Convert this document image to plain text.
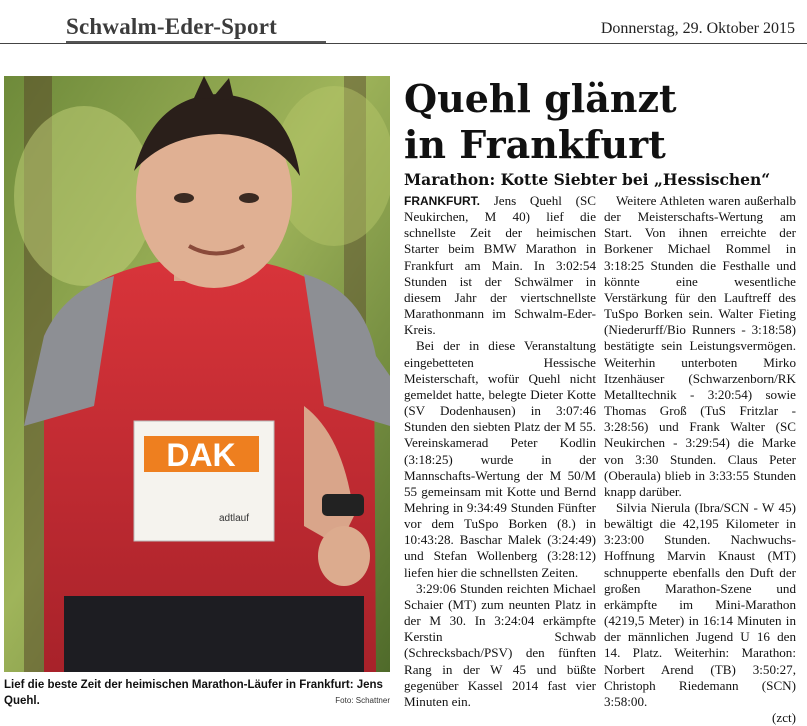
Schwalm-Eder-Sport	Donnerstag, 29. Oktober 2015
DAK
adtlauf
Lief die beste Zeit der heimischen Marathon-Läufer in Frankfurt: Jens Quehl.	Foto: Schattner
Quehl glänzt
in Frankfurt
Marathon: Kotte Siebter bei „Hessischen“

FRANKFURT. Jens Quehl (SC Neukirchen, M 40) lief die schnellste Zeit der heimischen Starter beim BMW Marathon in Frankfurt am Main. In 3:02:54 Stunden ist der Schwälmer in diesem Jahr der viertschnellste Marathonmann im Schwalm-Eder-Kreis.

Bei der in diese Veranstaltung eingebetteten Hessische Meisterschaft, wofür Quehl nicht gemeldet hatte, belegte Dieter Kotte (SV Dodenhausen) in 3:07:46 Stunden den siebten Platz der M 55. Vereinskamerad Peter Kodlin (3:18:25) wurde in der Mannschafts-Wertung der M 50/M 55 gemeinsam mit Kotte und Bernd Mehring in 9:34:49 Stunden Fünfter vor dem TuSpo Borken (8.) in 10:43:28. Baschar Malek (3:24:49) und Stefan Wollenberg (3:28:12) liefen hier die schnellsten Zeiten.

3:29:06 Stunden reichten Michael Schaier (MT) zum neunten Platz in der M 30. In 3:24:04 erkämpfte Kerstin Schwab (Schrecksbach/PSV) den fünften Rang in der W 45 und büßte gegenüber Kassel 2014 fast vier Minuten ein.

Weitere Athleten waren außerhalb der Meisterschafts-Wertung am Start. Von ihnen erreichte der Borkener Michael Rommel in 3:18:25 Stunden die Festhalle und könnte eine wesentliche Verstärkung für den Lauftreff des TuSpo Borken sein. Walter Fieting (Niederurff/Bio Runners - 3:18:58) bestätigte sein Leistungsvermögen. Weiterhin unterboten Mirko Itzenhäuser (Schwarzenborn/RK Metalltechnik - 3:20:54) sowie Thomas Groß (TuS Fritzlar - 3:28:56) und Frank Walter (SC Neukirchen - 3:29:54) die Marke von 3:30 Stunden. Claus Peter (Oberaula) blieb in 3:33:55 Stunden knapp darüber.

Silvia Nierula (Ibra/SCN - W 45) bewältigt die 42,195 Kilometer in 3:23:00 Stunden. Nachwuchs-Hoffnung Marvin Knaust (MT) schnupperte ebenfalls den Duft der großen Marathon-Szene und erkämpfte im Mini-Marathon (4219,5 Meter) in 16:14 Minuten in der männlichen Jugend U 16 den 14. Platz. Weiterhin: Marathon: Norbert Arend (TB) 3:50:27, Christoph Riedemann (SCN) 3:58:00.

(zct)
